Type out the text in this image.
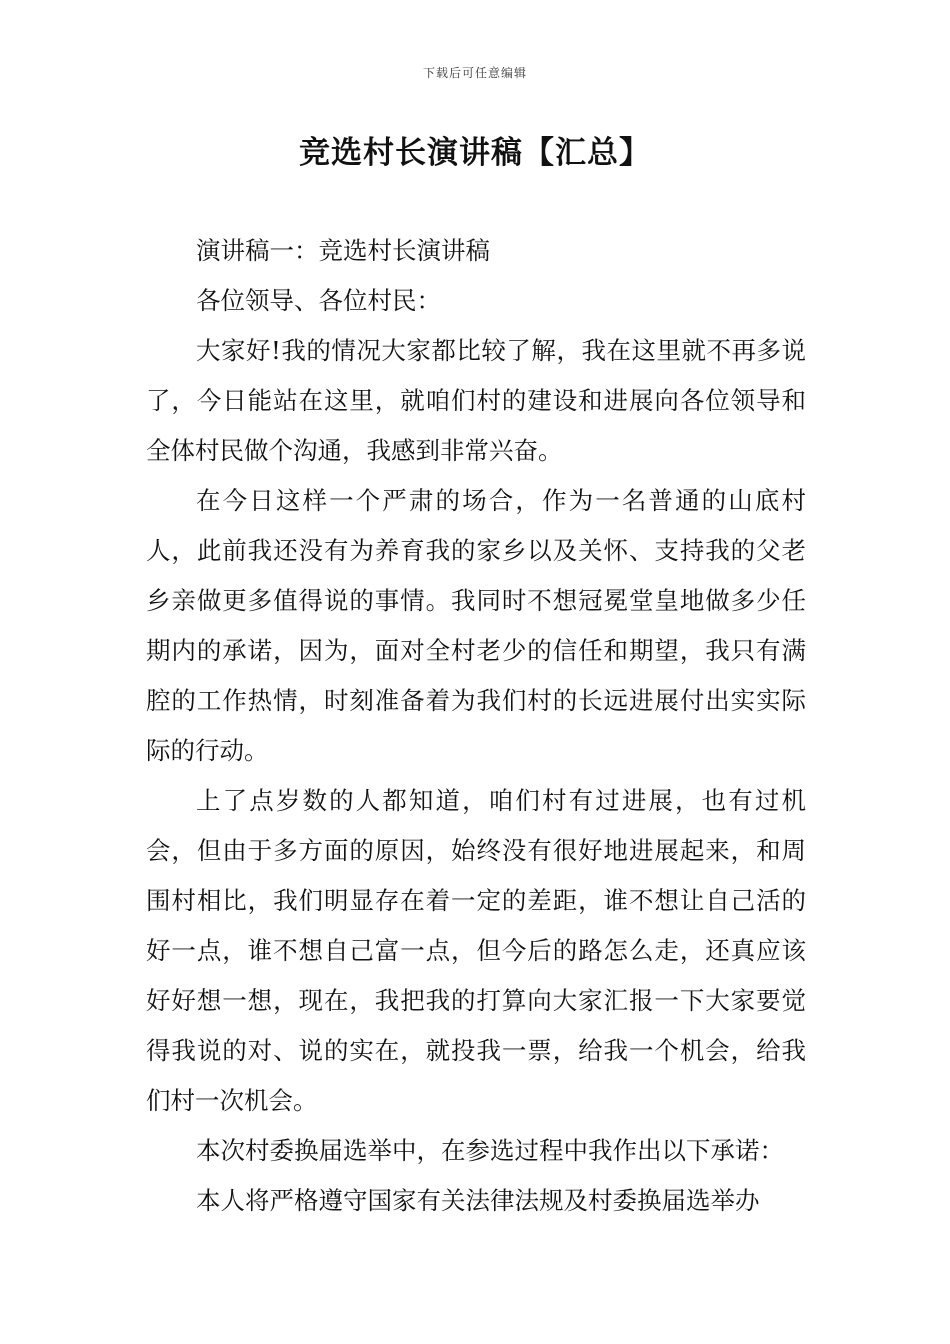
下载后可任意编辑
竞选村长演讲稿【汇总】

演讲稿一：竞选村长演讲稿

各位领导、各位村民：

大家好!我的情况大家都比较了解，我在这里就不再多说了，今日能站在这里，就咱们村的建设和进展向各位领导和全体村民做个沟通，我感到非常兴奋。

在今日这样一个严肃的场合，作为一名普通的山底村人，此前我还没有为养育我的家乡以及关怀、支持我的父老乡亲做更多值得说的事情。我同时不想冠冕堂皇地做多少任期内的承诺，因为，面对全村老少的信任和期望，我只有满腔的工作热情，时刻准备着为我们村的长远进展付出实实际际的行动。

上了点岁数的人都知道，咱们村有过进展，也有过机会，但由于多方面的原因，始终没有很好地进展起来，和周围村相比，我们明显存在着一定的差距，谁不想让自己活的好一点，谁不想自己富一点，但今后的路怎么走，还真应该好好想一想，现在，我把我的打算向大家汇报一下大家要觉得我说的对、说的实在，就投我一票，给我一个机会，给我们村一次机会。

本次村委换届选举中，在参选过程中我作出以下承诺：

本人将严格遵守国家有关法律法规及村委换届选举办
